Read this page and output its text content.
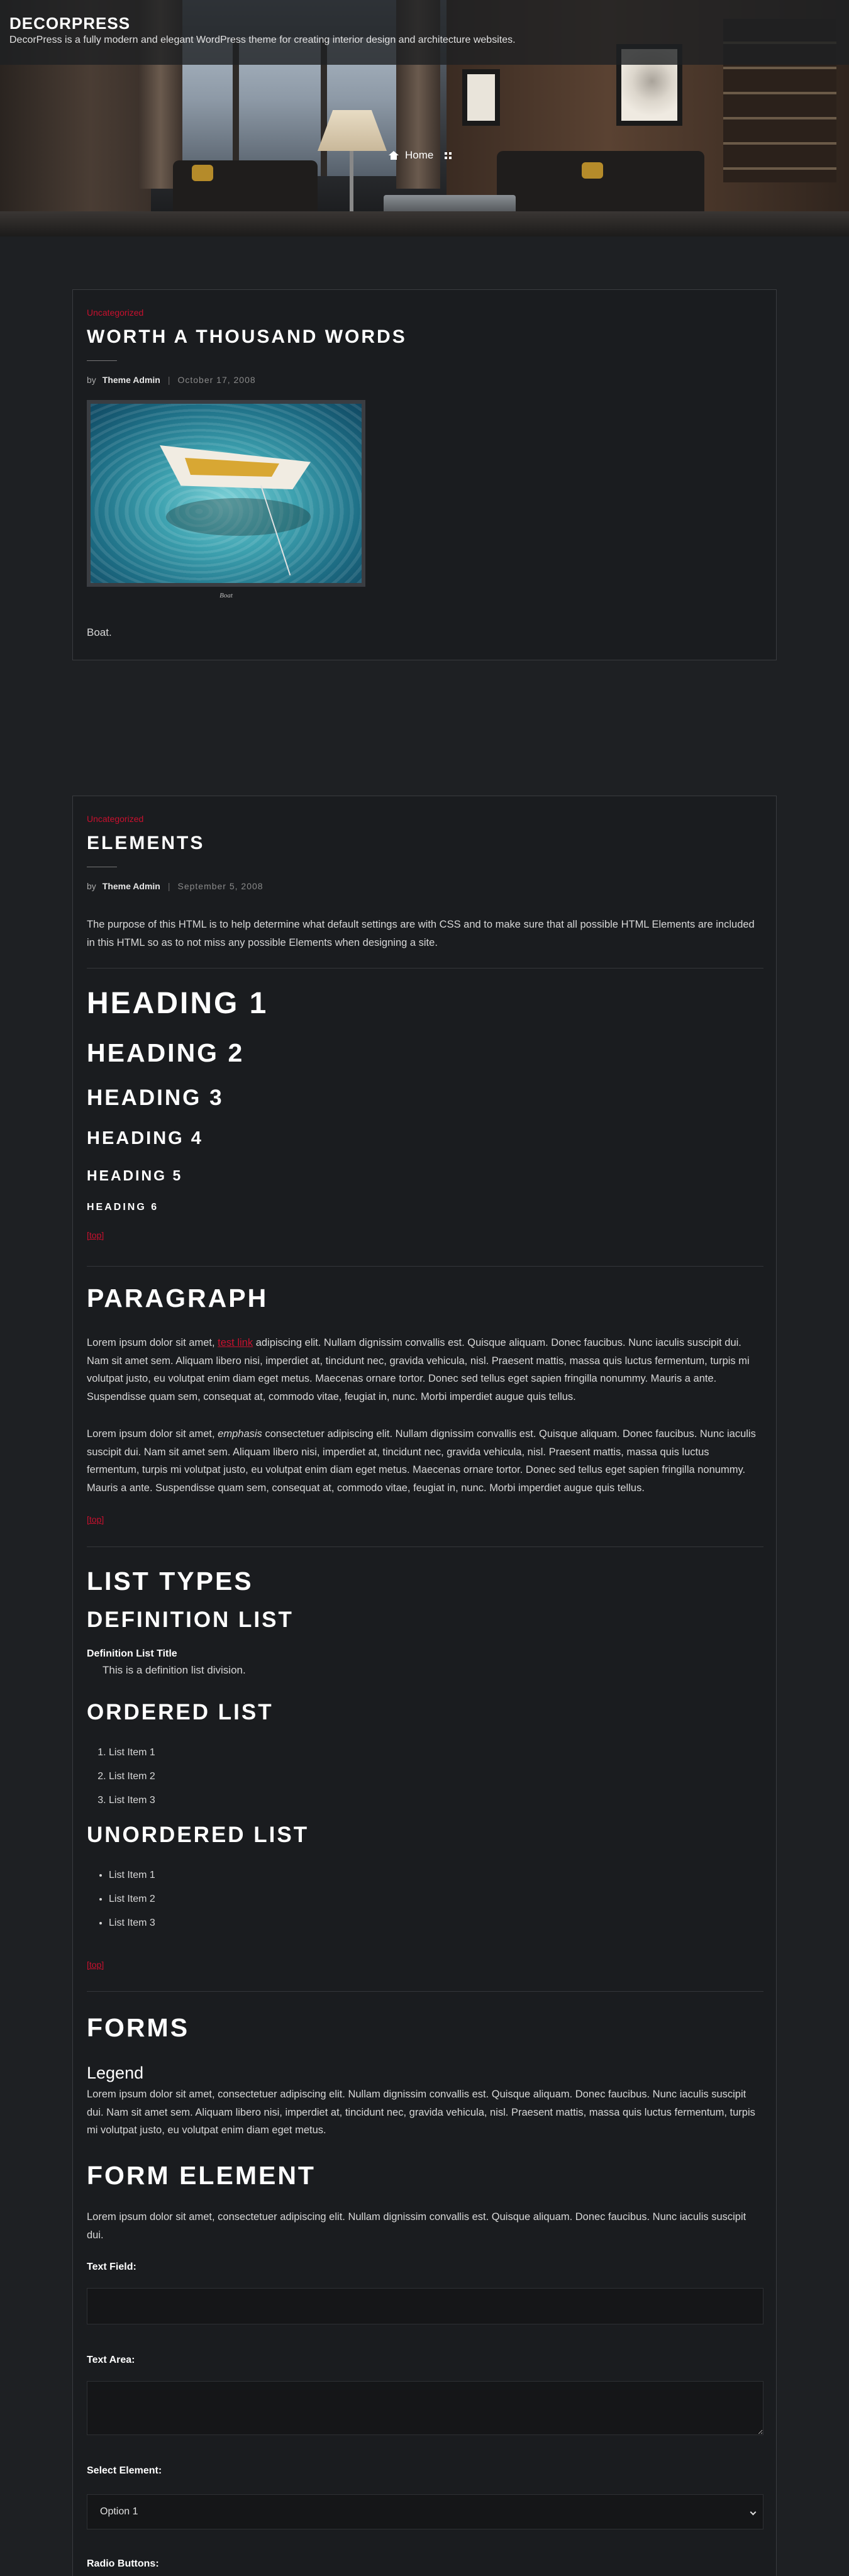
DECORPRESS
DecorPress is a fully modern and elegant WordPress theme for creating interior design and architecture websites.
Home
Uncategorized
WORTH A THOUSAND WORDS
by Theme Admin | October 17, 2008
Boat

Boat.

Uncategorized
ELEMENTS
by Theme Admin | September 5, 2008

The purpose of this HTML is to help determine what default settings are with CSS and to make sure that all possible HTML Elements are included in this HTML so as to not miss any possible Elements when designing a site.

HEADING 1
HEADING 2
HEADING 3
HEADING 4
HEADING 5
HEADING 6
[top]
PARAGRAPH

Lorem ipsum dolor sit amet, test link adipiscing elit. Nullam dignissim convallis est. Quisque aliquam. Donec faucibus. Nunc iaculis suscipit dui. Nam sit amet sem. Aliquam libero nisi, imperdiet at, tincidunt nec, gravida vehicula, nisl. Praesent mattis, massa quis luctus fermentum, turpis mi volutpat justo, eu volutpat enim diam eget metus. Maecenas ornare tortor. Donec sed tellus eget sapien fringilla nonummy. Mauris a ante. Suspendisse quam sem, consequat at, commodo vitae, feugiat in, nunc. Morbi imperdiet augue quis tellus.

Lorem ipsum dolor sit amet, emphasis consectetuer adipiscing elit. Nullam dignissim convallis est. Quisque aliquam. Donec faucibus. Nunc iaculis suscipit dui. Nam sit amet sem. Aliquam libero nisi, imperdiet at, tincidunt nec, gravida vehicula, nisl. Praesent mattis, massa quis luctus fermentum, turpis mi volutpat justo, eu volutpat enim diam eget metus. Maecenas ornare tortor. Donec sed tellus eget sapien fringilla nonummy. Mauris a ante. Suspendisse quam sem, consequat at, commodo vitae, feugiat in, nunc. Morbi imperdiet augue quis tellus.

[top]
LIST TYPES
DEFINITION LIST
Definition List Title
This is a definition list division.
ORDERED LIST
1. List Item 1
2. List Item 2
3. List Item 3
UNORDERED LIST
• List Item 1
• List Item 2
• List Item 3
[top]
FORMS
Legend

Lorem ipsum dolor sit amet, consectetuer adipiscing elit. Nullam dignissim convallis est. Quisque aliquam. Donec faucibus. Nunc iaculis suscipit dui. Nam sit amet sem. Aliquam libero nisi, imperdiet at, tincidunt nec, gravida vehicula, nisl. Praesent mattis, massa quis luctus fermentum, turpis mi volutpat justo, eu volutpat enim diam eget metus.

FORM ELEMENT

Lorem ipsum dolor sit amet, consectetuer adipiscing elit. Nullam dignissim convallis est. Quisque aliquam. Donec faucibus. Nunc iaculis suscipit dui.

Text Field:
Text Area:
Select Element:
Option 1
Radio Buttons:
